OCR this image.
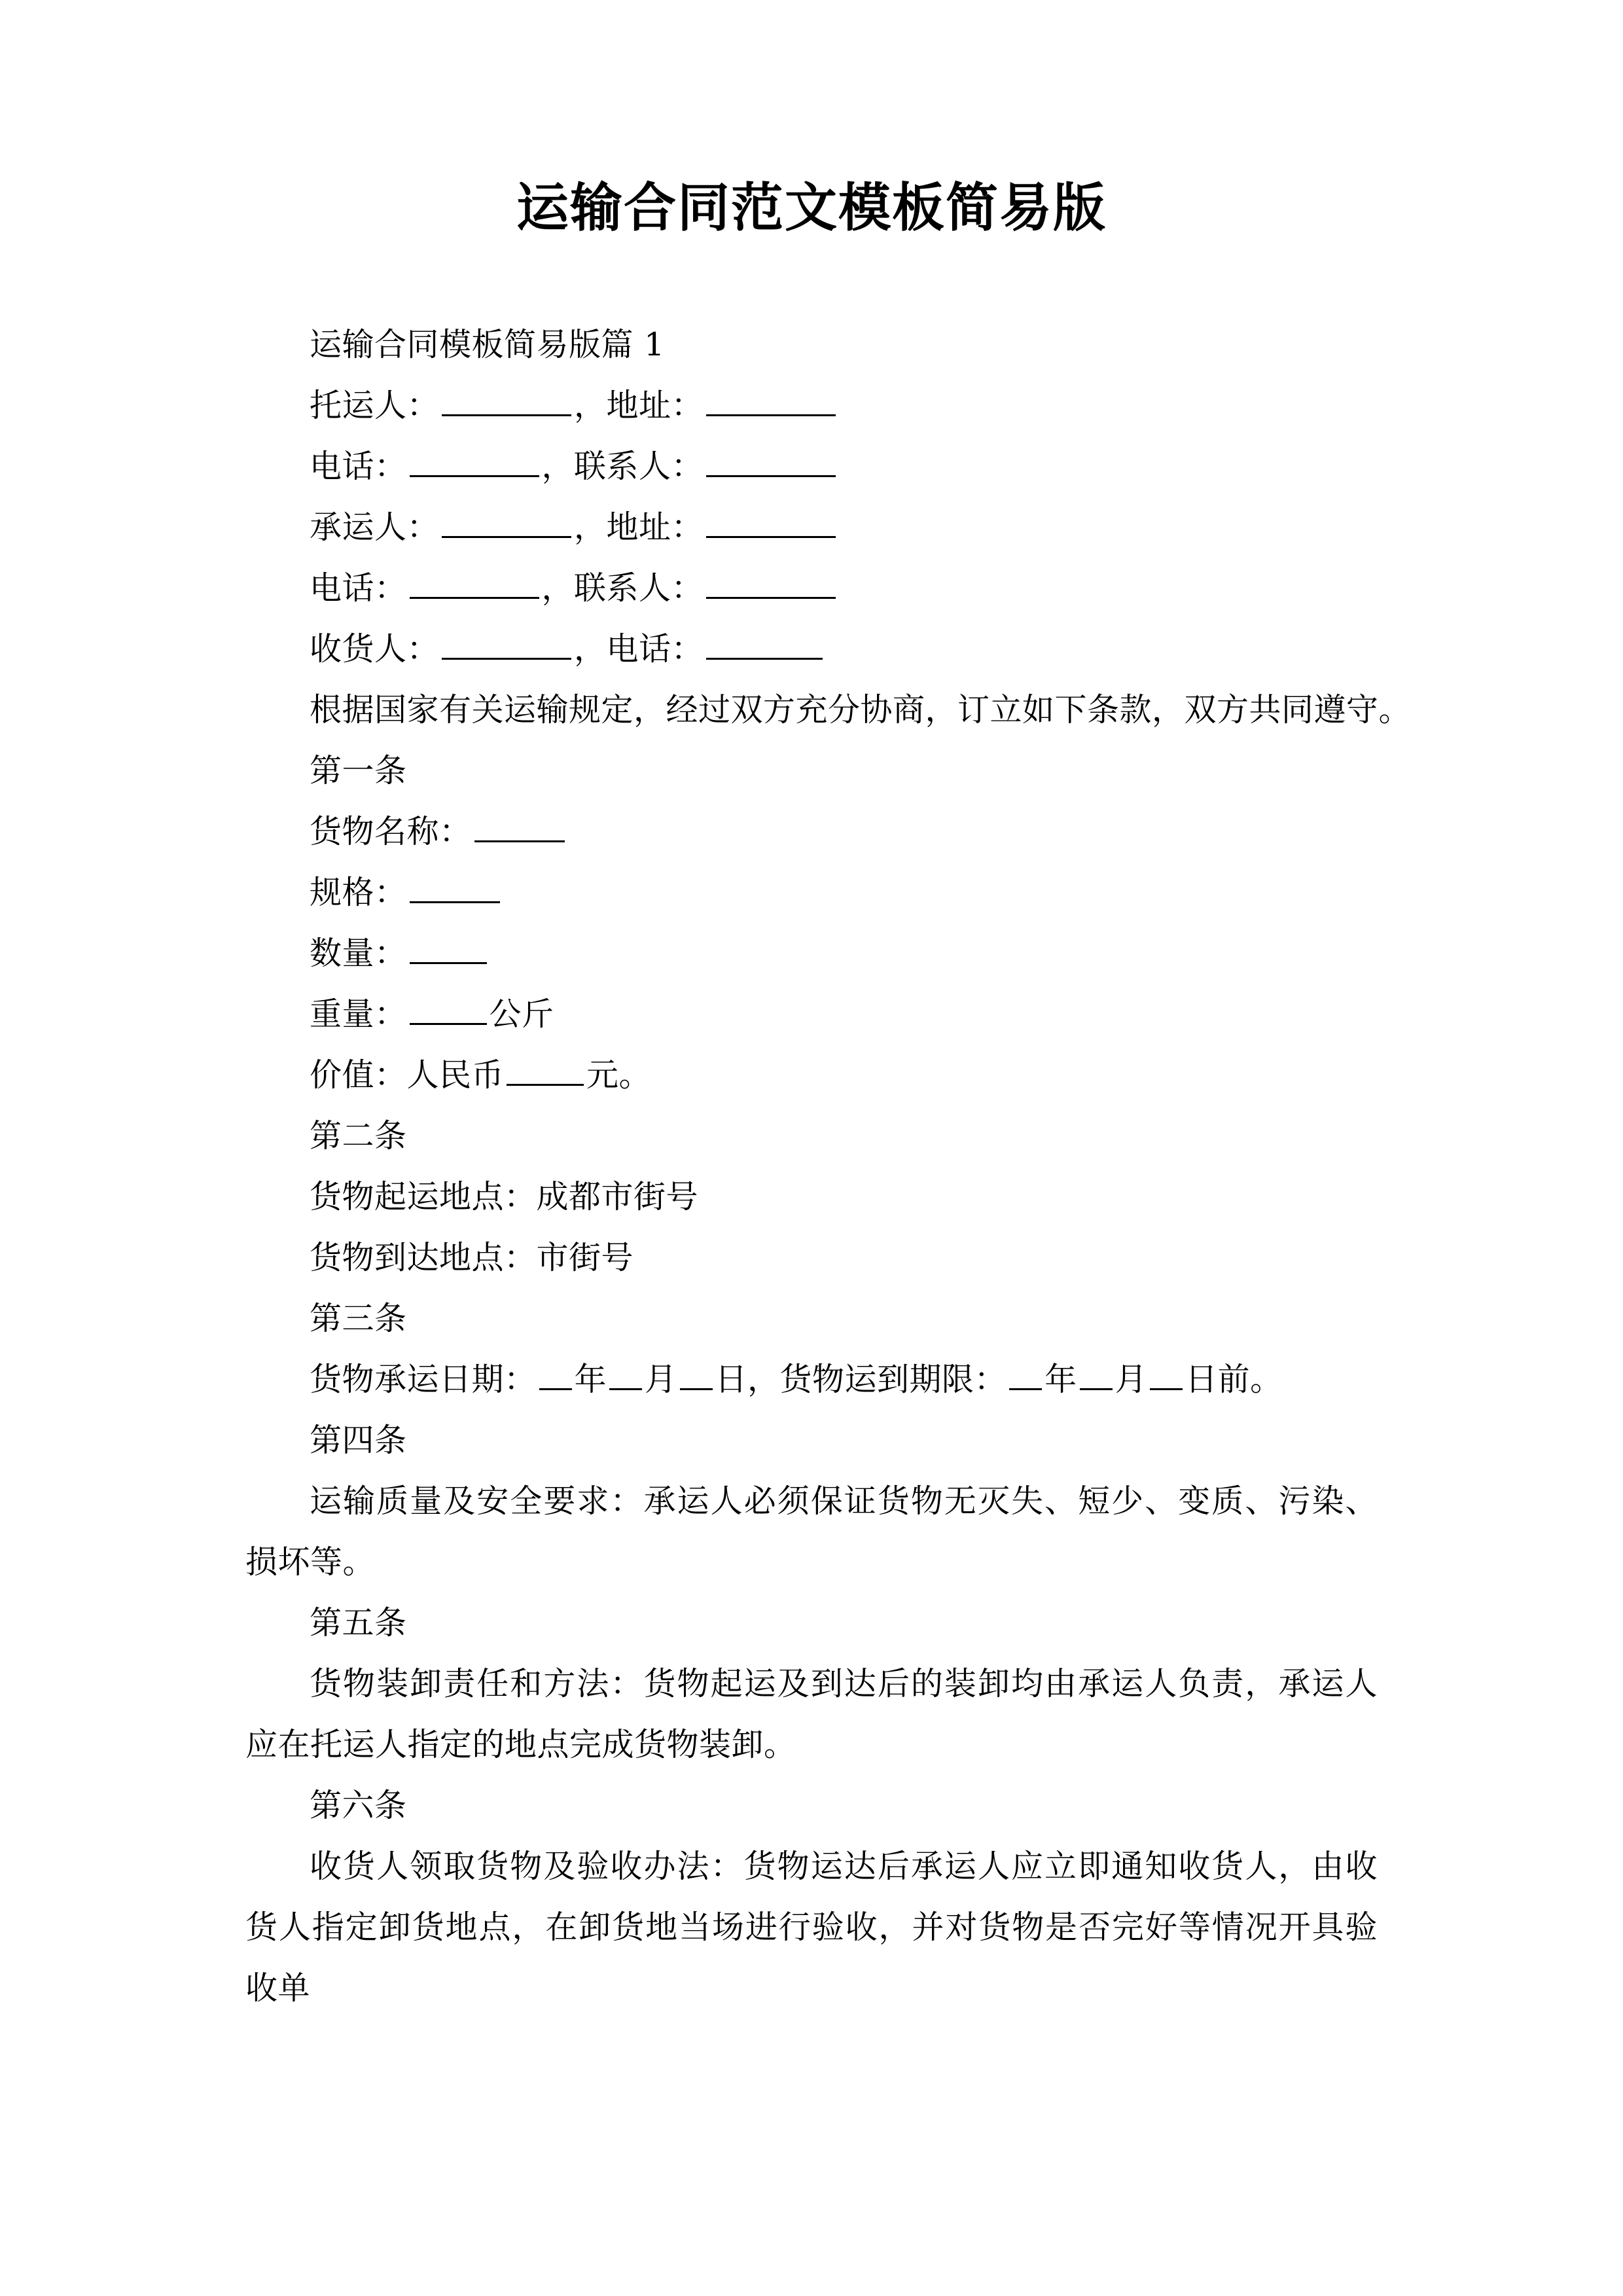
运输合同范文模板简易版
运输合同模板简易版篇 1
托运人：	，地址：
电话：	，联系人：
承运人：	，地址：
电话：	，联系人：
收货人：	，电话：
根据国家有关运输规定，经过双方充分协商，订立如下条款，双方共同遵守。
第一条
货物名称：
规格：
数量：
重量：	公斤
价值：人民币	元。
第二条
货物起运地点：成都市街号
货物到达地点：市街号
第三条
货物承运日期： 年 月 日，货物运到期限： 年 月 日前。
第四条
运输质量及安全要求：承运人必须保证货物无灭失、短少、变质、污染、损坏等。
第五条
货物装卸责任和方法：货物起运及到达后的装卸均由承运人负责，承运人应在托运人指定的地点完成货物装卸。
第六条
收货人领取货物及验收办法：货物运达后承运人应立即通知收货人，由收货人指定卸货地点，在卸货地当场进行验收，并对货物是否完好等情况开具验收单
